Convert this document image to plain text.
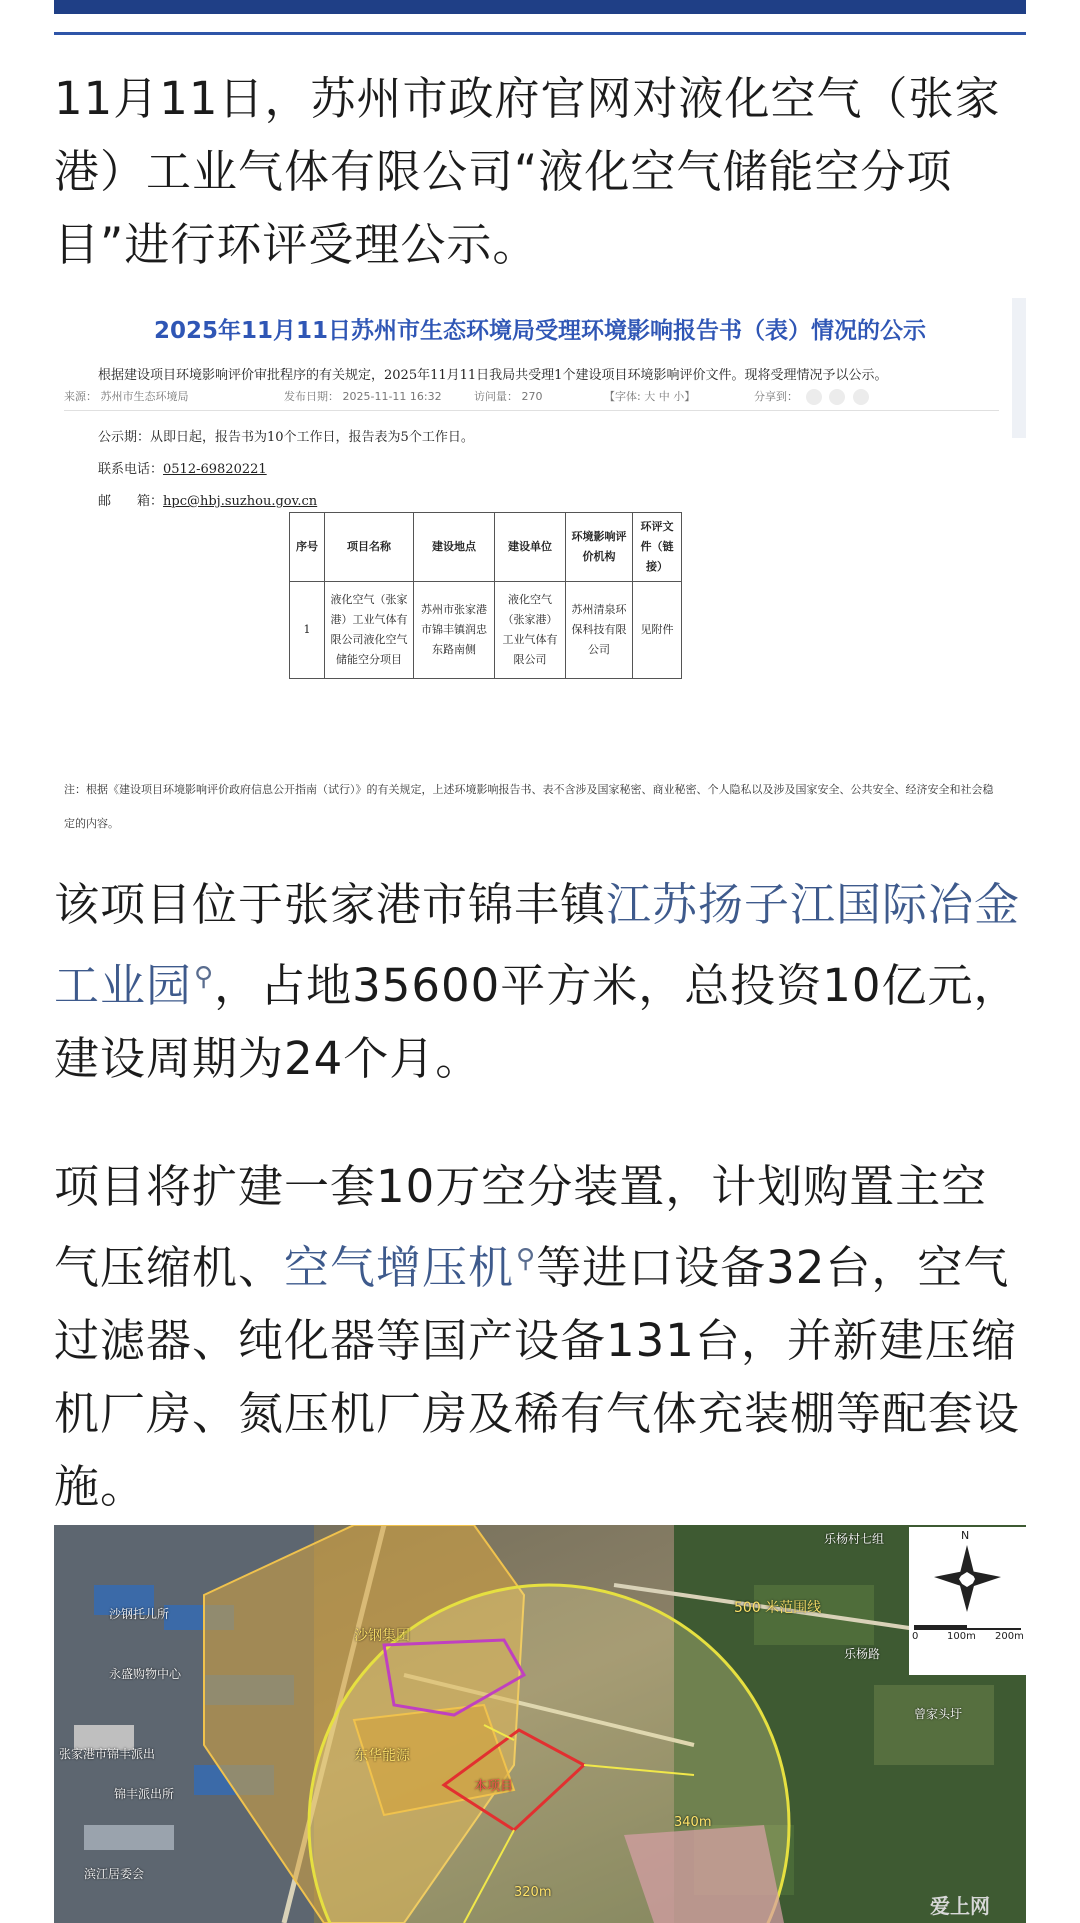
11月11日，苏州市政府官网对液化空气（张家港）工业气体有限公司“液化空气储能空分项目”进行环评受理公示。

2025年11月11日苏州市生态环境局受理环境影响报告书（表）情况的公示
来源： 苏州市生态环境局	发布日期： 2025-11-11 16:32	访问量： 270	【字体: 大 中 小】	分享到：
根据建设项目环境影响评价审批程序的有关规定，2025年11月11日我局共受理1个建设项目环境影响评价文件。现将受理情况予以公示。
公示期：从即日起，报告书为10个工作日，报告表为5个工作日。
联系电话：0512-69820221
邮　　箱：hpc@hbj.suzhou.gov.cn
序号	项目名称	建设地点	建设单位	环境影响评价机构	环评文件（链接）
1	液化空气（张家港）工业气体有限公司液化空气储能空分项目	苏州市张家港市锦丰镇润忠东路南侧	液化空气（张家港）工业气体有限公司	苏州清泉环保科技有限公司	见附件
注：根据《建设项目环境影响评价政府信息公开指南（试行）》的有关规定，上述环境影响报告书、表不含涉及国家秘密、商业秘密、个人隐私以及涉及国家安全、公共安全、经济安全和社会稳定的内容。

该项目位于张家港市锦丰镇江苏扬子江国际冶金工业园⚲，占地35600平方米，总投资10亿元，建设周期为24个月。

项目将扩建一套10万空分装置，计划购置主空气压缩机、空气增压机⚲等进口设备32台，空气过滤器、纯化器等国产设备131台，并新建压缩机厂房、氮压机厂房及稀有气体充装棚等配套设施。

沙钢托儿所
永盛购物中心
张家港市锦丰派出
锦丰派出所
滨江居委会
沙钢集团
500 米范围线
东华能源
本项目
乐杨村七组
乐杨路
曾家头圩
340m
320m
N
0	100m 200m
爱上网
